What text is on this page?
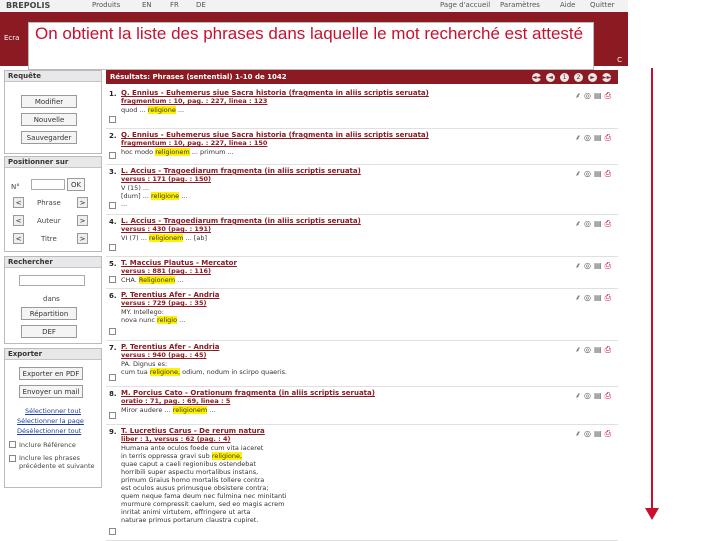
BREPOLIS	Produits	EN	FR DE	Page d'accueil Paramètres	Aide Quitter
Ecra
C
On obtient la liste des phrases dans laquelle le mot recherché est attesté
Requête
Modifier
Nouvelle
Sauvegarder
Positionner sur
N°	OK
<	Phrase	>
<	Auteur	>
<	Titre	>
Rechercher
dans
Répartition
DEF
Exporter
Exporter en PDF
Envoyer un mail
Sélectionner tout
Sélectionner la page
Désélectionner tout
Inclure Référence
Inclure les phrases précédente et suivante
Résultats: Phrases (sentential) 1-10 de 1042	◄◄	◄	1	2	►	►►
1. Q. Ennius - Euhemerus siue Sacra historia (fragmenta in aliis scriptis seruata)
fragmentum : 10, pag. : 227, linea : 123
⸙◎▤⎙
quod ... religione ...
2. Q. Ennius - Euhemerus siue Sacra historia (fragmenta in aliis scriptis seruata)
fragmentum : 10, pag. : 227, linea : 150
⸙◎▤⎙
hoc modo religionem ... primum ...
3. L. Accius - Tragoediarum fragmenta (in aliis scriptis seruata)
versus : 171 (pag. : 150)
⸙◎▤⎙
V (15) ...
[dum] ... religione ...
...
4. L. Accius - Tragoediarum fragmenta (in aliis scriptis seruata)
versus : 430 (pag. : 191)
⸙◎▤⎙
VI (7) ... religionem ... [ab]
5. T. Maccius Plautus - Mercator
versus : 881 (pag. : 116)
⸙◎▤⎙
CHA. Religionem ...
6. P. Terentius Afer - Andria
versus : 729 (pag. : 35)
⸙◎▤⎙
MY. Intellego:
nova nunc religio ...
7. P. Terentius Afer - Andria
versus : 940 (pag. : 45)
⸙◎▤⎙
PA. Dignus es:
cum tua religione, odium, nodum in scirpo quaeris.
8. M. Porcius Cato - Orationum fragmenta (in aliis scriptis seruata)
oratio : 71, pag. : 69, linea : 5
⸙◎▤⎙
Miror audere ... religionem ...
9. T. Lucretius Carus - De rerum natura
liber : 1, versus : 62 (pag. : 4)
⸙◎▤⎙
Humana ante oculos foede cum vita iaceret
in terris oppressa gravi sub religione,
quae caput a caeli regionibus ostendebat
horribili super aspectu mortalibus instans,
primum Graius homo mortalis tollere contra
est oculos ausus primusque obsistere contra;
quem neque fama deum nec fulmina nec minitanti
murmure compressit caelum, sed eo magis acrem
inritat animi virtutem, effringere ut arta
naturae primus portarum claustra cupiret.
